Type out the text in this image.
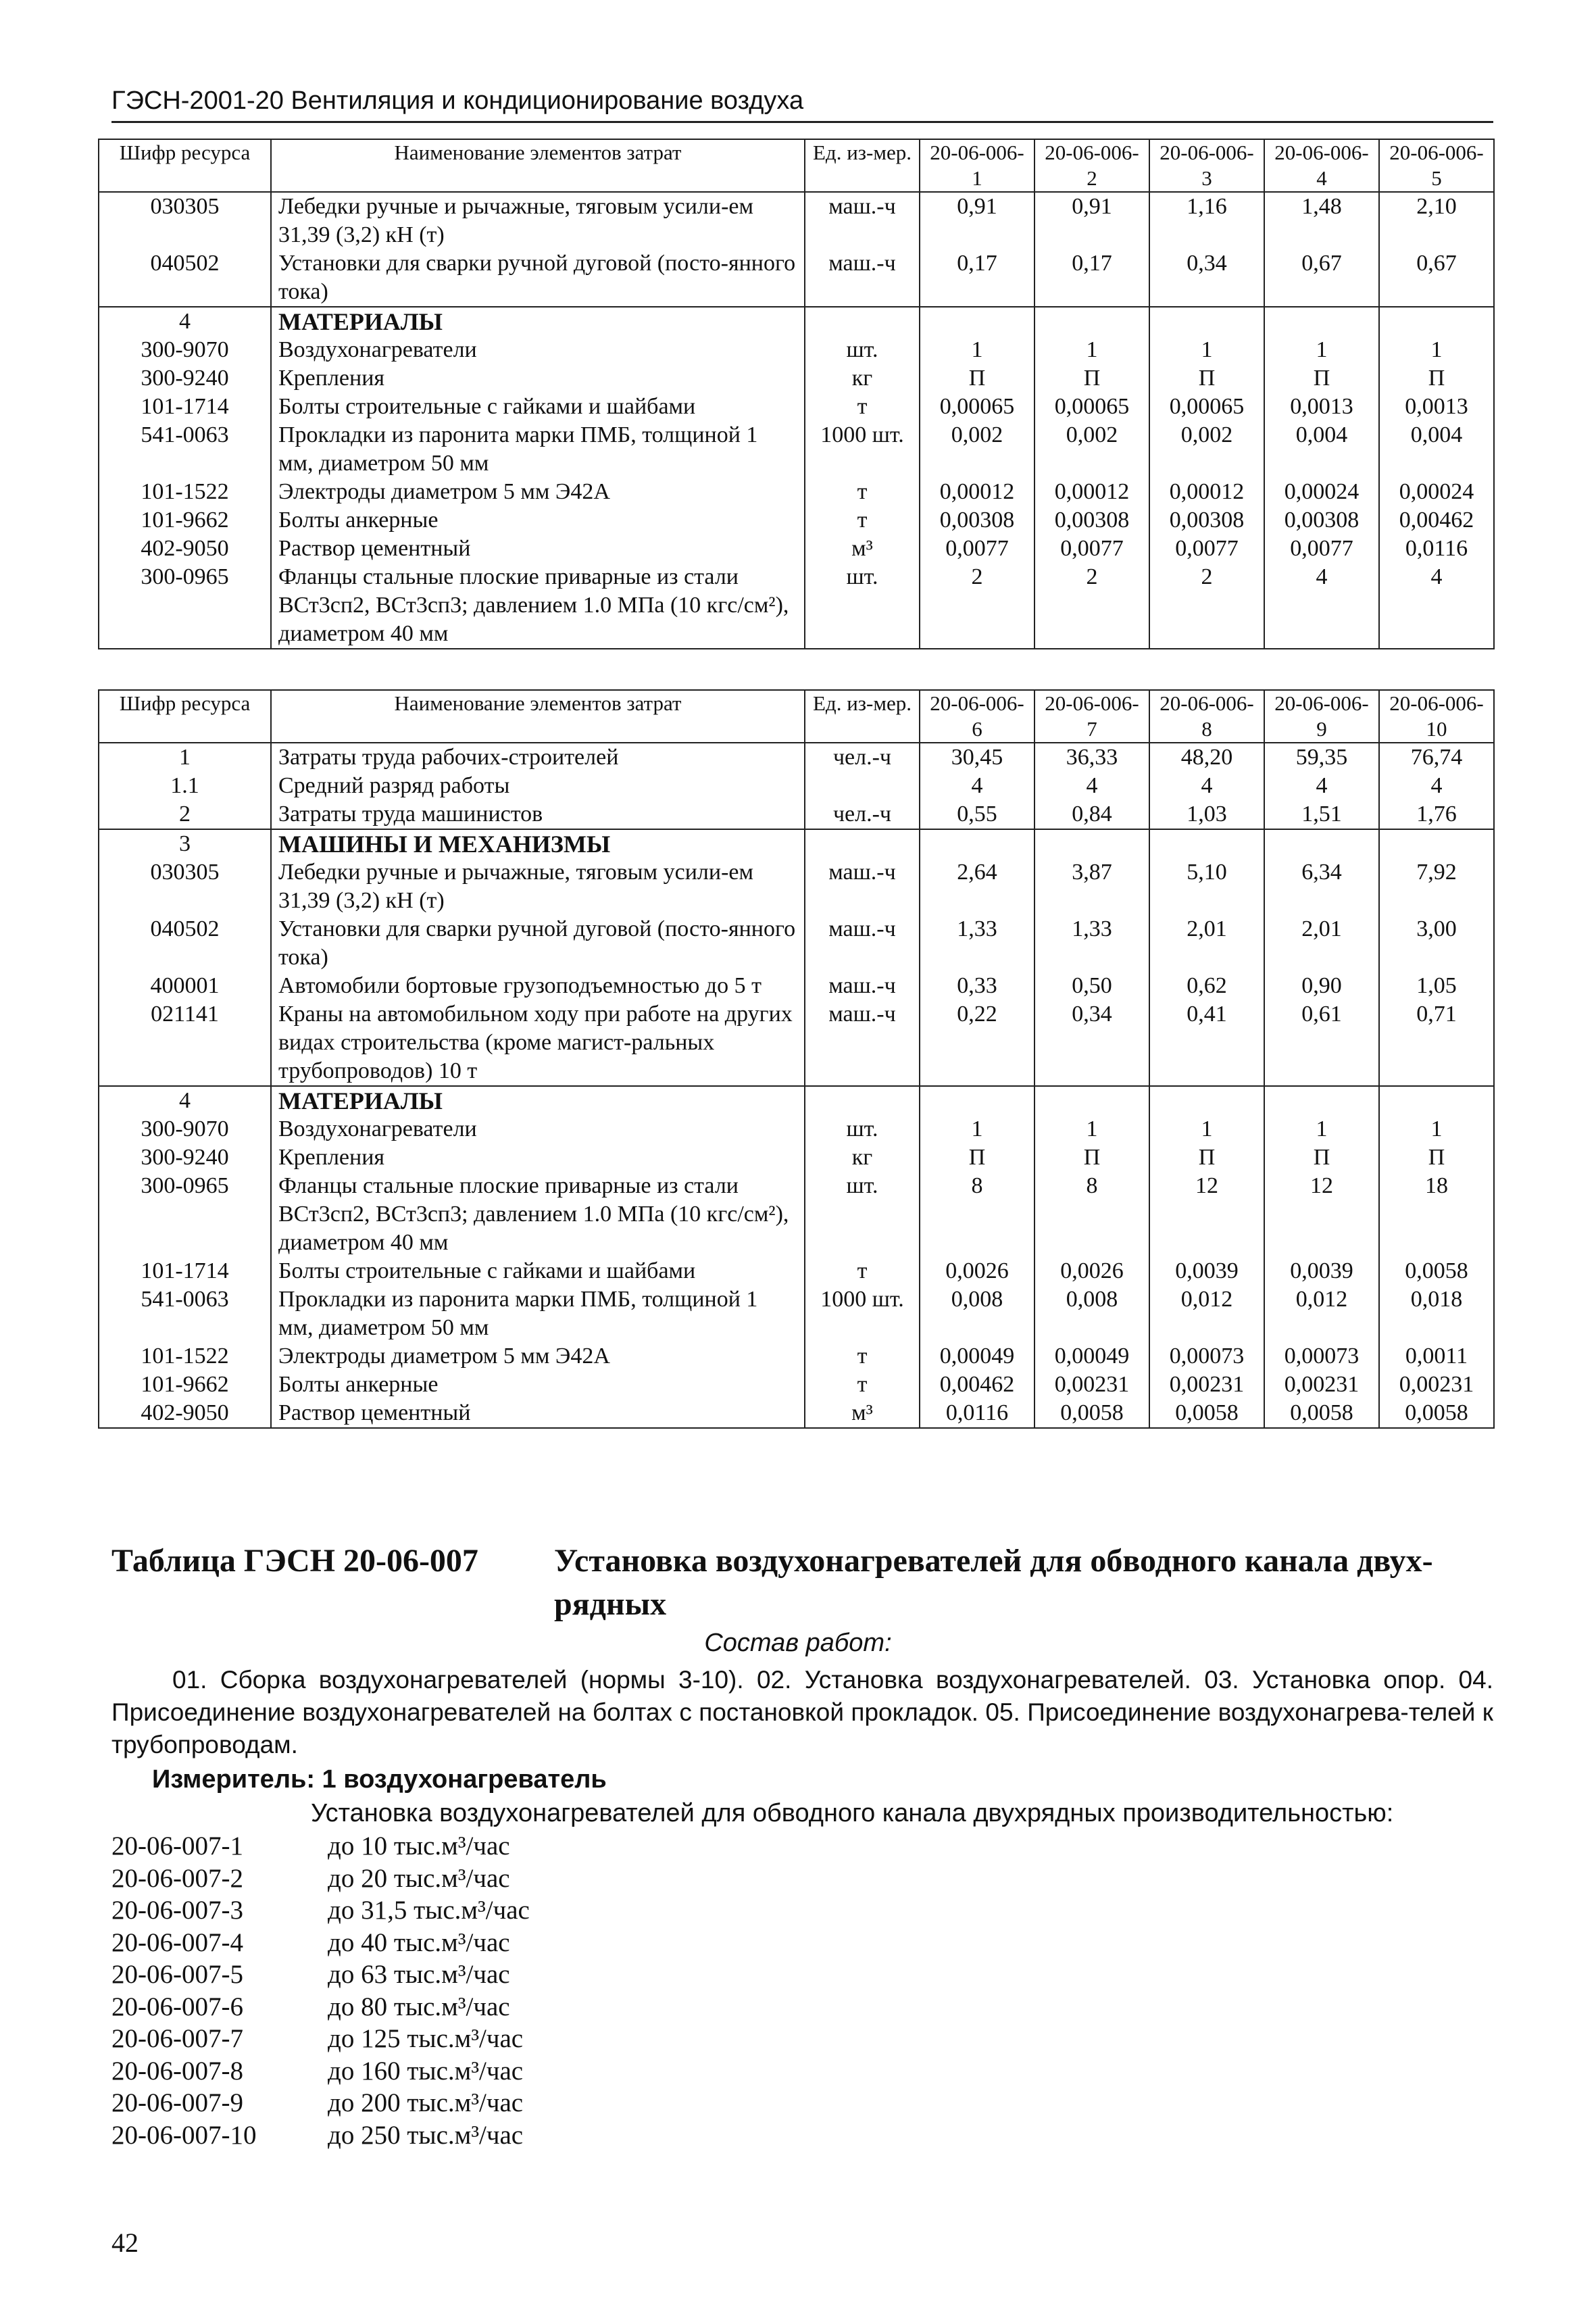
ГЭСН-2001-20 Вентиляция и кондиционирование воздуха
Шифр ресурса	Наименование элементов затрат	Ед. из-мер.	20-06-006-1	20-06-006-2	20-06-006-3	20-06-006-4	20-06-006-5
030305	Лебедки ручные и рычажные, тяговым усили-ем 31,39 (3,2) кН (т)	маш.-ч	0,91	0,91	1,16	1,48	2,10
040502	Установки для сварки ручной дуговой (посто-янного тока)	маш.-ч	0,17	0,17	0,34	0,67	0,67
4	МАТЕРИАЛЫ						
300-9070	Воздухонагреватели	шт.	1	1	1	1	1
300-9240	Крепления	кг	П	П	П	П	П
101-1714	Болты строительные с гайками и шайбами	т	0,00065	0,00065	0,00065	0,0013	0,0013
541-0063	Прокладки из паронита марки ПМБ, толщиной 1 мм, диаметром 50 мм	1000 шт.	0,002	0,002	0,002	0,004	0,004
101-1522	Электроды диаметром 5 мм Э42А	т	0,00012	0,00012	0,00012	0,00024	0,00024
101-9662	Болты анкерные	т	0,00308	0,00308	0,00308	0,00308	0,00462
402-9050	Раствор цементный	м³	0,0077	0,0077	0,0077	0,0077	0,0116
300-0965	Фланцы стальные плоские приварные из стали ВСт3сп2, ВСт3сп3; давлением 1.0 МПа (10 кгс/см²), диаметром 40 мм	шт.	2	2	2	4	4
Шифр ресурса	Наименование элементов затрат	Ед. из-мер.	20-06-006-6	20-06-006-7	20-06-006-8	20-06-006-9	20-06-006-10
1	Затраты труда рабочих-строителей	чел.-ч	30,45	36,33	48,20	59,35	76,74
1.1	Средний разряд работы		4	4	4	4	4
2	Затраты труда машинистов	чел.-ч	0,55	0,84	1,03	1,51	1,76
3	МАШИНЫ И МЕХАНИЗМЫ						
030305	Лебедки ручные и рычажные, тяговым усили-ем 31,39 (3,2) кН (т)	маш.-ч	2,64	3,87	5,10	6,34	7,92
040502	Установки для сварки ручной дуговой (посто-янного тока)	маш.-ч	1,33	1,33	2,01	2,01	3,00
400001	Автомобили бортовые грузоподъемностью до 5 т	маш.-ч	0,33	0,50	0,62	0,90	1,05
021141	Краны на автомобильном ходу при работе на других видах строительства (кроме магист-ральных трубопроводов) 10 т	маш.-ч	0,22	0,34	0,41	0,61	0,71
4	МАТЕРИАЛЫ						
300-9070	Воздухонагреватели	шт.	1	1	1	1	1
300-9240	Крепления	кг	П	П	П	П	П
300-0965	Фланцы стальные плоские приварные из стали ВСт3сп2, ВСт3сп3; давлением 1.0 МПа (10 кгс/см²), диаметром 40 мм	шт.	8	8	12	12	18
101-1714	Болты строительные с гайками и шайбами	т	0,0026	0,0026	0,0039	0,0039	0,0058
541-0063	Прокладки из паронита марки ПМБ, толщиной 1 мм, диаметром 50 мм	1000 шт.	0,008	0,008	0,012	0,012	0,018
101-1522	Электроды диаметром 5 мм Э42А	т	0,00049	0,00049	0,00073	0,00073	0,0011
101-9662	Болты анкерные	т	0,00462	0,00231	0,00231	0,00231	0,00231
402-9050	Раствор цементный	м³	0,0116	0,0058	0,0058	0,0058	0,0058
Таблица ГЭСН 20-06-007 Установка воздухонагревателей для обводного канала двух-рядных
Состав работ:
01. Сборка воздухонагревателей (нормы 3-10). 02. Установка воздухонагревателей. 03. Установка опор. 04. Присоединение воздухонагревателей на болтах с постановкой прокладок. 05. Присоединение воздухонагрева-телей к трубопроводам.
Измеритель: 1 воздухонагреватель
Установка воздухонагревателей для обводного канала двухрядных производительностью:
20-06-007-1	до 10 тыс.м³/час
20-06-007-2	до 20 тыс.м³/час
20-06-007-3	до 31,5 тыс.м³/час
20-06-007-4	до 40 тыс.м³/час
20-06-007-5	до 63 тыс.м³/час
20-06-007-6	до 80 тыс.м³/час
20-06-007-7	до 125 тыс.м³/час
20-06-007-8	до 160 тыс.м³/час
20-06-007-9	до 200 тыс.м³/час
20-06-007-10	до 250 тыс.м³/час
42
